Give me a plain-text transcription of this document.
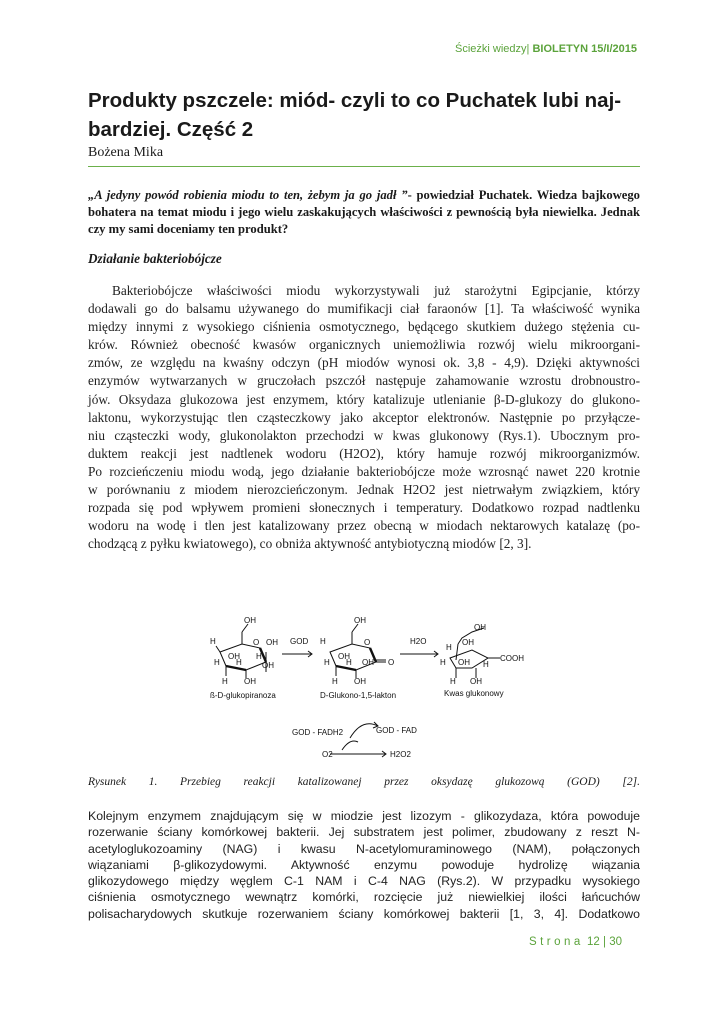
Ścieżki wiedzy| BIOLETYN 15/I/2015
Produkty pszczele: miód- czyli to co Puchatek lubi naj-
bardziej. Część 2
Bożena Mika
„A jedyny powód robienia miodu to ten, żebym ja go jadł ”- powiedział Puchatek. Wiedza bajkowego bohatera na temat miodu i jego wielu zaskakujących właściwości z pewnością była niewielka. Jednak czy my sami doceniamy ten produkt?
Działanie bakteriobójcze
Bakteriobójcze właściwości miodu wykorzystywali już starożytni Egipcjanie, którzy
dodawali go do balsamu używanego do mumifikacji ciał faraonów [1]. Ta właściwość wynika
między innymi z wysokiego ciśnienia osmotycznego, będącego skutkiem dużego stężenia cu-
krów. Również obecność kwasów organicznych uniemożliwia rozwój wielu mikroorgani-
zmów, ze względu na kwaśny odczyn (pH miodów wynosi ok. 3,8 - 4,9). Dzięki aktywności
enzymów wytwarzanych w gruczołach pszczół następuje zahamowanie wzrostu drobnoustro-
jów. Oksydaza glukozowa jest enzymem, który katalizuje utlenianie β-D-glukozy do glukono-
laktonu, wykorzystując tlen cząsteczkowy jako akceptor elektronów. Następnie po przyłącze-
niu cząsteczki wody, glukonolakton przechodzi w kwas glukonowy (Rys.1). Ubocznym pro-
duktem reakcji jest nadtlenek wodoru (H2O2), który hamuje rozwój mikroorganizmów.
Po rozcieńczeniu miodu wodą, jego działanie bakteriobójcze może wzrosnąć nawet 220 krotnie
w porównaniu z miodem nierozcieńczonym. Jednak H2O2 jest nietrwałym związkiem, który
rozpada się pod wpływem promieni słonecznych i temperatury. Dodatkowo rozpad nadtlenku
wodoru na wodę i tlen jest katalizowany przez obecną w miodach nektarowych katalazę (po-
chodzącą z pyłku kwiatowego), co obniża aktywność antybiotyczną miodów [2, 3].
OH
H	O OH
OH H
H H	OH
H OH
ß-D-glukopiranoza
GOD
OH
H	O
OH
H H OH O
H OH
D-Glukono-1,5-lakton
H2O
OH
H
OH
H OH H
COOH
H OH
Kwas glukonowy
GOD - FADH2	GOD - FAD
O2	H2O2
Rysunek 1. Przebieg reakcji katalizowanej przez oksydazę glukozową (GOD) [2].
Kolejnym enzymem znajdującym się w miodzie jest lizozym - glikozydaza, która powoduje
rozerwanie ściany komórkowej bakterii. Jej substratem jest polimer, zbudowany z reszt N-
acetyloglukozoaminy (NAG) i kwasu N-acetylomuraminowego (NAM), połączonych
wiązaniami β-glikozydowymi. Aktywność enzymu powoduje hydrolizę wiązania
glikozydowego między węglem C-1 NAM i C-4 NAG (Rys.2). W przypadku wysokiego
ciśnienia osmotycznego wewnątrz komórki, rozcięcie już niewielkiej ilości łańcuchów
polisacharydowych skutkuje rozerwaniem ściany komórkowej bakterii [1, 3, 4]. Dodatkowo
Strona 12 | 30
